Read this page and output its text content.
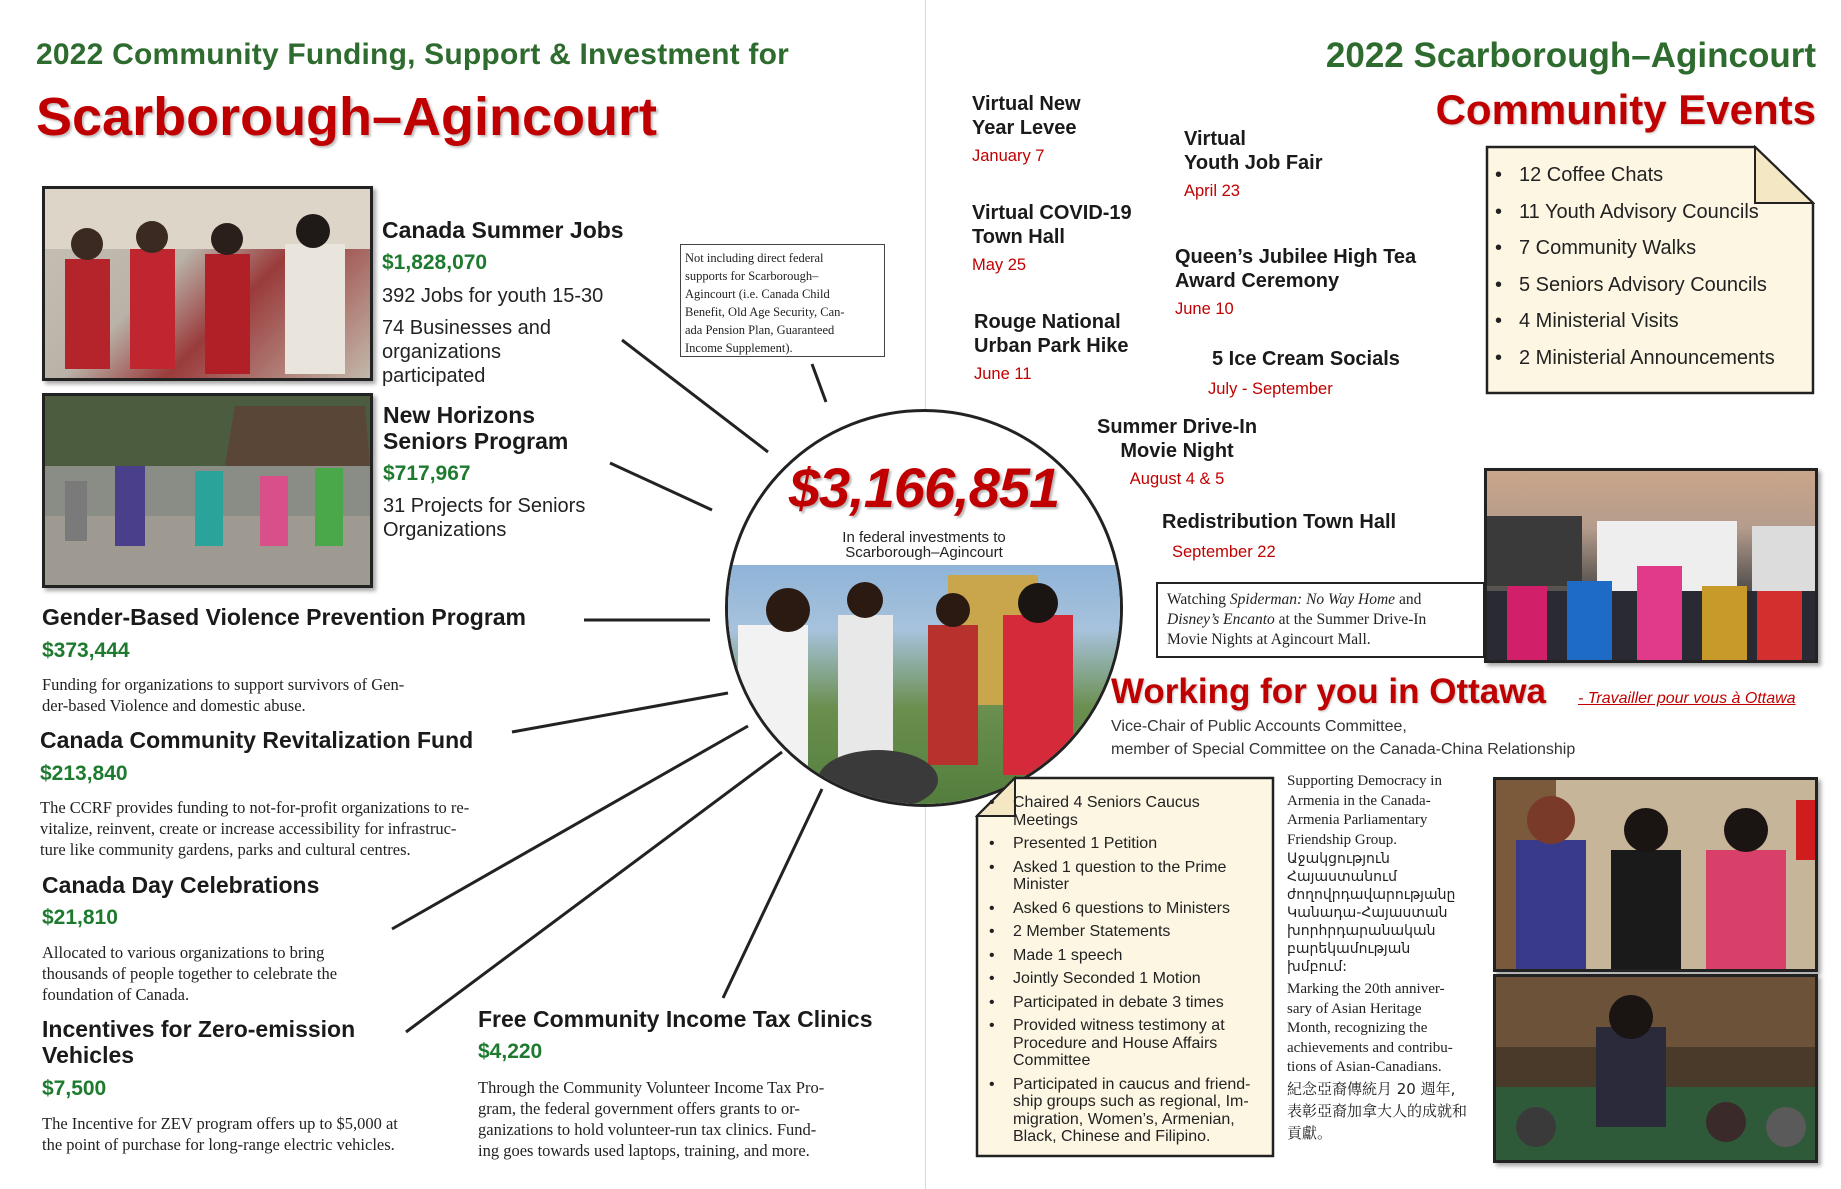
2022 Community Funding, Support & Investment for
Scarborough–Agincourt
Canada Summer Jobs
$1,828,070
392 Jobs for youth 15-30
74 Businesses and
organizations
participated
New Horizons
Seniors Program
$717,967
31 Projects for Seniors
Organizations
Gender-Based Violence Prevention Program
$373,444
Funding for organizations to support survivors of Gen-
der-based Violence and domestic abuse.
Canada Community Revitalization Fund
$213,840
The CCRF provides funding to not-for-profit organizations to re-
vitalize, reinvent, create or increase accessibility for infrastruc-
ture like community gardens, parks and cultural centres.
Canada Day Celebrations
$21,810
Allocated to various organizations to bring
thousands of people together to celebrate the
foundation of Canada.
Incentives for Zero-emission
Vehicles
$7,500
The Incentive for ZEV program offers up to $5,000 at
the point of purchase for long-range electric vehicles.
Free Community Income Tax Clinics
$4,220
Through the Community Volunteer Income Tax Pro-
gram, the federal government offers grants to or-
ganizations to hold volunteer-run tax clinics. Fund-
ing goes towards used laptops, training, and more.
Not including direct federal
supports for Scarborough–
Agincourt (i.e. Canada Child
Benefit, Old Age Security, Can-
ada Pension Plan, Guaranteed
Income Supplement).
$3,166,851
In federal investments to
Scarborough–Agincourt
2022 Scarborough–Agincourt
Community Events
Virtual New
Year Levee
January 7
Virtual
Youth Job Fair
April 23
Virtual COVID-19
Town Hall
May 25	Queen’s Jubilee High Tea
Award Ceremony
June 10
Rouge National
Urban Park Hike
June 11
5 Ice Cream Socials
July - September
Summer Drive-In
Movie Night
August 4 & 5
Redistribution Town Hall
September 22
• 12 Coffee Chats
• 11 Youth Advisory Councils
• 7 Community Walks
• 5 Seniors Advisory Councils
• 4 Ministerial Visits
• 2 Ministerial Announcements
Watching Spiderman: No Way Home and
Disney’s Encanto at the Summer Drive-In
Movie Nights at Agincourt Mall.
Working for you in Ottawa - Travailler pour vous à Ottawa
Vice-Chair of Public Accounts Committee,
member of Special Committee on the Canada-China Relationship
• Chaired 4 Seniors Caucus
Meetings
• Presented 1 Petition
• Asked 1 question to the Prime
Minister
• Asked 6 questions to Ministers
• 2 Member Statements
• Made 1 speech
• Jointly Seconded 1 Motion
• Participated in debate 3 times
• Provided witness testimony at
Procedure and House Affairs
Committee
• Participated in caucus and friend-
ship groups such as regional, Im-
migration, Women’s, Armenian,
Black, Chinese and Filipino.
Supporting Democracy in
Armenia in the Canada-
Armenia Parliamentary
Friendship Group.
Աջակցություն
Հայաստանում
ժողովրդավարությանը
Կանադա-Հայաստան
խորհրդարանական
բարեկամության
խմբում:
Marking the 20th anniver-
sary of Asian Heritage
Month, recognizing the
achievements and contribu-
tions of Asian-Canadians.
紀念亞裔傳統月 20 週年,
表彰亞裔加拿大人的成就和
貢獻。
